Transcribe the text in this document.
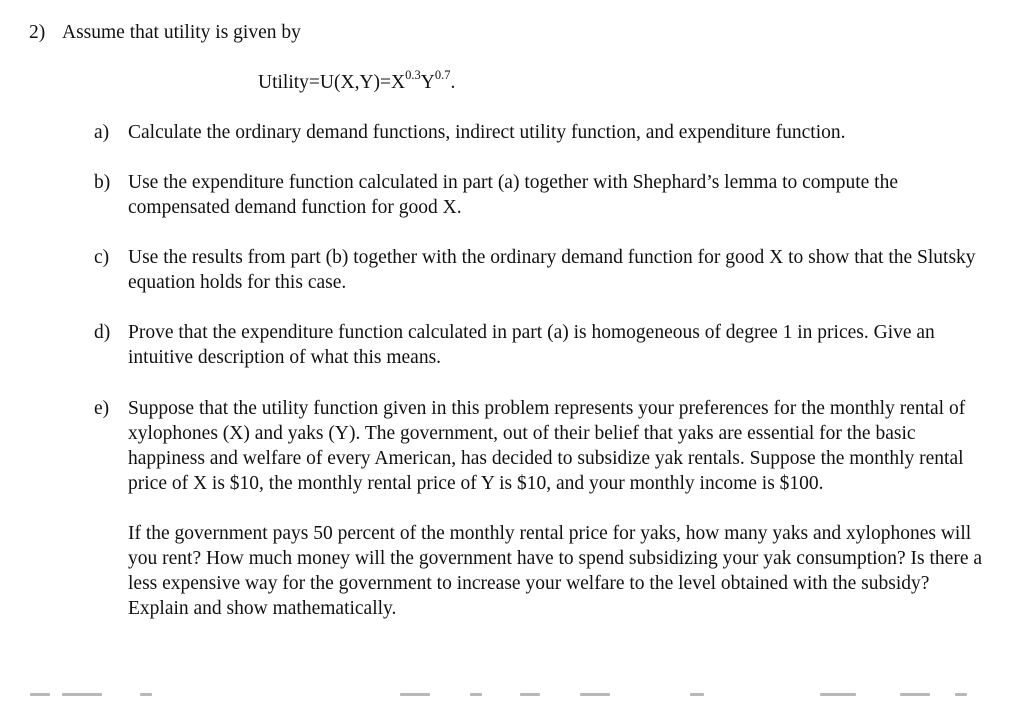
2) Assume that utility is given by
$Utility=U(X,Y)=X^{0.3}Y^{0.7}$.
a) Calculate the ordinary demand functions, indirect utility function, and expenditure function.

b) Use the expenditure function calculated in part (a) together with Shephard’s lemma to compute the compensated demand function for good X.

c) Use the results from part (b) together with the ordinary demand function for good X to show that the Slutsky equation holds for this case.

d) Prove that the expenditure function calculated in part (a) is homogeneous of degree 1 in prices. Give an intuitive description of what this means.

e) Suppose that the utility function given in this problem represents your preferences for the monthly rental of xylophones (X) and yaks (Y). The government, out of their belief that yaks are essential for the basic happiness and welfare of every American, has decided to subsidize yak rentals. Suppose the monthly rental price of X is $10, the monthly rental price of Y is $10, and your monthly income is $100.

If the government pays 50 percent of the monthly rental price for yaks, how many yaks and xylophones will you rent? How much money will the government have to spend subsidizing your yak consumption? Is there a less expensive way for the government to increase your welfare to the level obtained with the subsidy? Explain and show mathematically.
